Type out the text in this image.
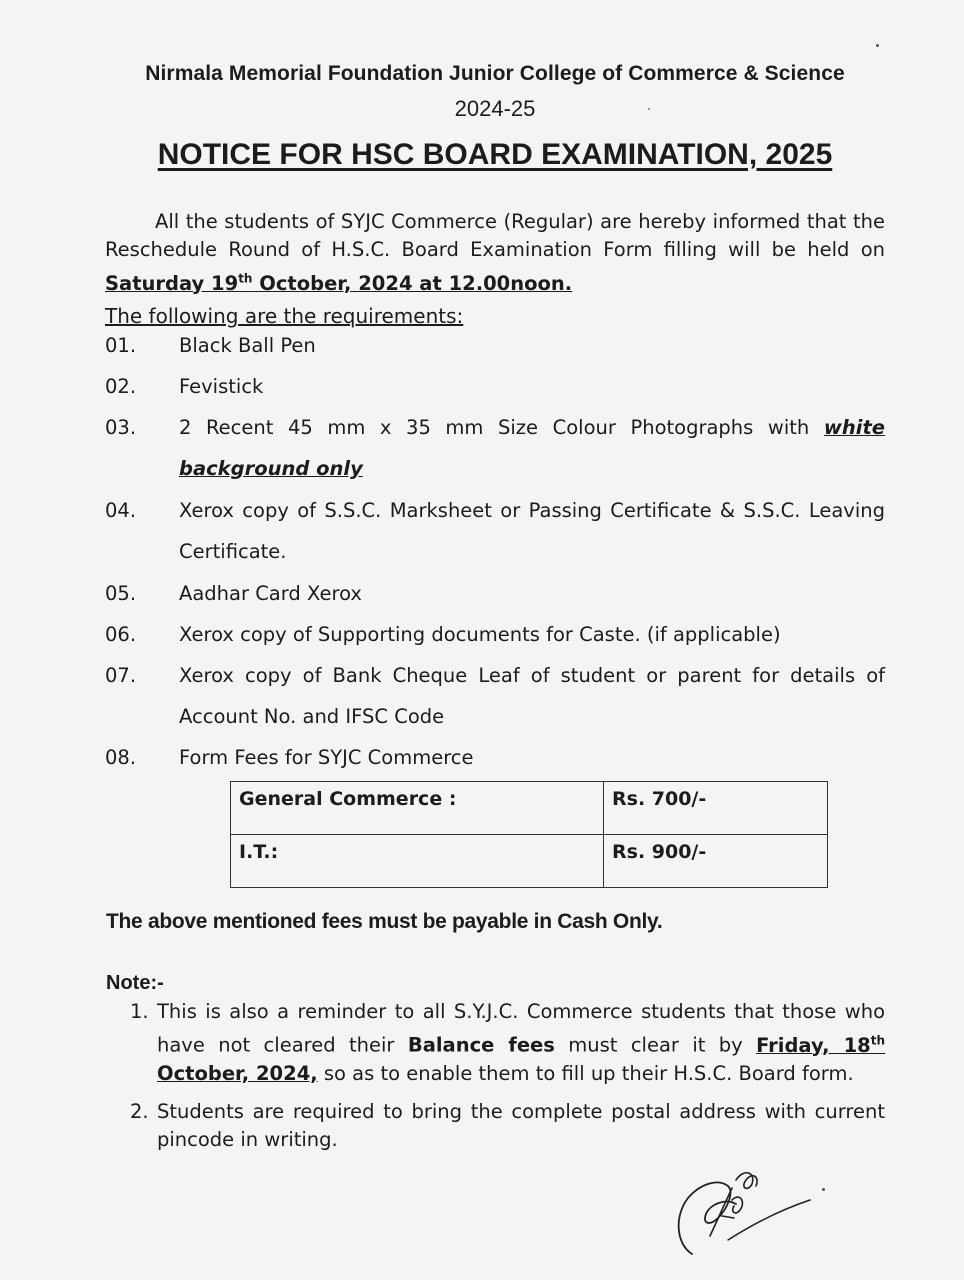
Nirmala Memorial Foundation Junior College of Commerce & Science
2024-25
NOTICE FOR HSC BOARD EXAMINATION, 2025
All the students of SYJC Commerce (Regular) are hereby informed that the Reschedule Round of H.S.C. Board Examination Form filling will be held on Saturday 19th October, 2024 at 12.00noon.
The following are the requirements:
01.	Black Ball Pen
02.	Fevistick
03.	2 Recent 45 mm x 35 mm Size Colour Photographs with white background only
04.	Xerox copy of S.S.C. Marksheet or Passing Certificate & S.S.C. Leaving Certificate.
05.	Aadhar Card Xerox
06.	Xerox copy of Supporting documents for Caste. (if applicable)
07.	Xerox copy of Bank Cheque Leaf of student or parent for details of Account No. and IFSC Code
08.	Form Fees for SYJC Commerce
General Commerce :	Rs. 700/-
I.T.:	Rs. 900/-
The above mentioned fees must be payable in Cash Only.
Note:-
1. This is also a reminder to all S.Y.J.C. Commerce students that those who have not cleared their Balance fees must clear it by Friday, 18th October, 2024, so as to enable them to fill up their H.S.C. Board form.
2. Students are required to bring the complete postal address with current pincode in writing.
